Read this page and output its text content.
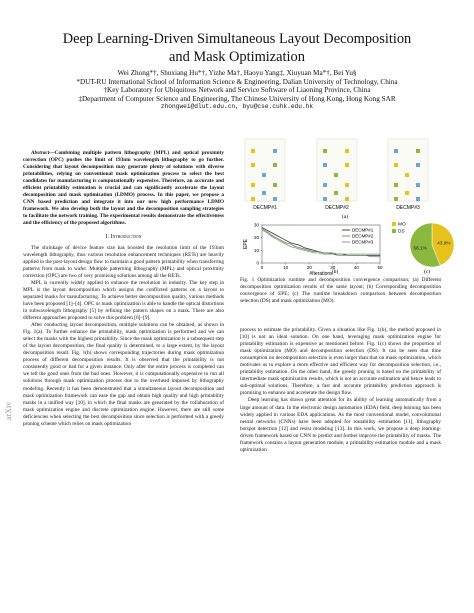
arXiv
Deep Learning-Driven Simultaneous Layout Decomposition
and Mask Optimization
Wei Zhong*†, Shuxiang Hu*†, Yizhe Ma†, Haoyu Yang‡, Xiuyuan Ma*†, Bei Yu§
*DUT-RU International School of Information Science & Engineering, Dalian University of Technology, China
†Key Laboratory for Ubiquitous Network and Service Software of Liaoning Province, China
‡Department of Computer Science and Engineering, The Chinese University of Hong Kong, Hong Kong SAR
zhongwei@dlut.edu.cn, byu@cse.cuhk.edu.hk

Abstract—Combining multiple pattern lithography (MPL) and optical proximity correction (OPC) pushes the limit of 193nm wavelength lithography to go further. Considering that layout decomposition may generate plenty of solutions with diverse printabilities, relying on conventional mask optimization process to select the best candidates for manufacturing is computationally expensive. Therefore, an accurate and efficient printability estimation is crucial and can significantly accelerate the layout decomposition and mask optimization (LDMO) process. In this paper, we propose a CNN based prediction and integrate it into our new high performance LDMO framework. We also develop both the layout and the decomposition sampling strategies to facilitate the network training. The experimental results demonstrate the effectiveness and the efficiency of the proposed algorithms.

I. Introduction

The shrinkage of device feature size has boosted the resolution limit of the 193nm wavelength lithography, thus various resolution enhancement techniques (RETs) are heavily applied in the post-layout design flow to maintain a good pattern printability when transferring patterns from mask to wafer. Multiple patterning lithography (MPL) and optical proximity correction (OPC) are two of very promising solutions among all the RETs.

MPL is currently widely applied to enhance the resolution in industry. The key step in MPL is the layout decomposition which assigns the conflicted patterns on a layout to separated masks for manufacturing. To achieve better decomposition quality, various methods have been proposed [1]–[4]. OPC or mask optimization is able to handle the optical distortions in subwavelength lithography [5] by refining the pattern shapes on a mask. There are also different approaches proposed to solve this problem [6]–[9].

After conducting layout decomposition, multiple solutions can be obtained, as shown in Fig. 1(a). To further enhance the printability, mask optimization is performed and we can select the masks with the highest printability. Since the mask optimization is a subsequent step of the layout decomposition, the final quality is determined, to a large extent, by the layout decomposition result. Fig. 1(b) shows corresponding trajectories during mask optimization process of different decomposition results. It is observed that the printability is not consistently good or bad for a given instance. Only after the entire process is completed can we tell the good ones from the bad ones. However, it is computationally expensive to run all solutions through mask optimization process due to the overhead imposed by lithography modeling. Recently it has been demonstrated that a simultaneous layout decomposition and mask optimization framework can ease the gap and obtain high quality and high printability masks in a unified way [10], in which the final masks are generated by the collaboration of mask optimization engine and discrete optimization engine. However, there are still some deficiencies when selecting the best decomposition since selection is performed with a greedy pruning scheme which relies on mask optimization

(a)
DECMP#1	DECMP#2	DECMP#3
0	10	20	30	40	50
0
10
20
30
#Iterations
EPE
DECMP#1
DECMP#2
DECMP#3	43.9%
MO
56.1%
DS
(b)	(c)
Fig. 1 Optimization runtime and decomposition convergence comparison; (a) Different decomposition optimization results of the same layout; (b) Corresponding decomposition convergence of EPE; (c) The runtime breakdown comparison between decomposition selection (DS) and mask optimization (MO).

process to estimate the printability. Given a situation like Fig. 1(b), the method proposed in [10] is not an ideal solution. On one hand, leveraging mask optimization engine for printability estimation is expensive as mentioned before. Fig. 1(c) shows the proportion of mask optimization (MO) and decomposition selection (DS). It can be seen that time consumption on decomposition selection is even larger than that on mask optimization, which motivates us to explore a more effective and efficient way for decomposition selection, i.e., printability estimation. On the other hand, the greedy pruning is based on the printability of intermediate mask optimization results, which is not an accurate estimation and hence leads to sub-optimal solutions. Therefore, a fast and accurate printability prediction approach is promising to enhance and accelerate the design flow.

Deep learning has drawn great attention for its ability of learning automatically from a large amount of data. In the electronic design automation (EDA) field, deep learning has been widely applied in various EDA applications. As the most conventional model, convolutional neural networks (CNNs) have been adopted for routability estimation [11], lithography hotspot detection [12] and resist modeling [13]. In this work, we propose a deep learning-driven framework based on CNN to predict and further improve the printability of masks. The framework contains a layout generation module, a printability estimation module and a mask optimization
